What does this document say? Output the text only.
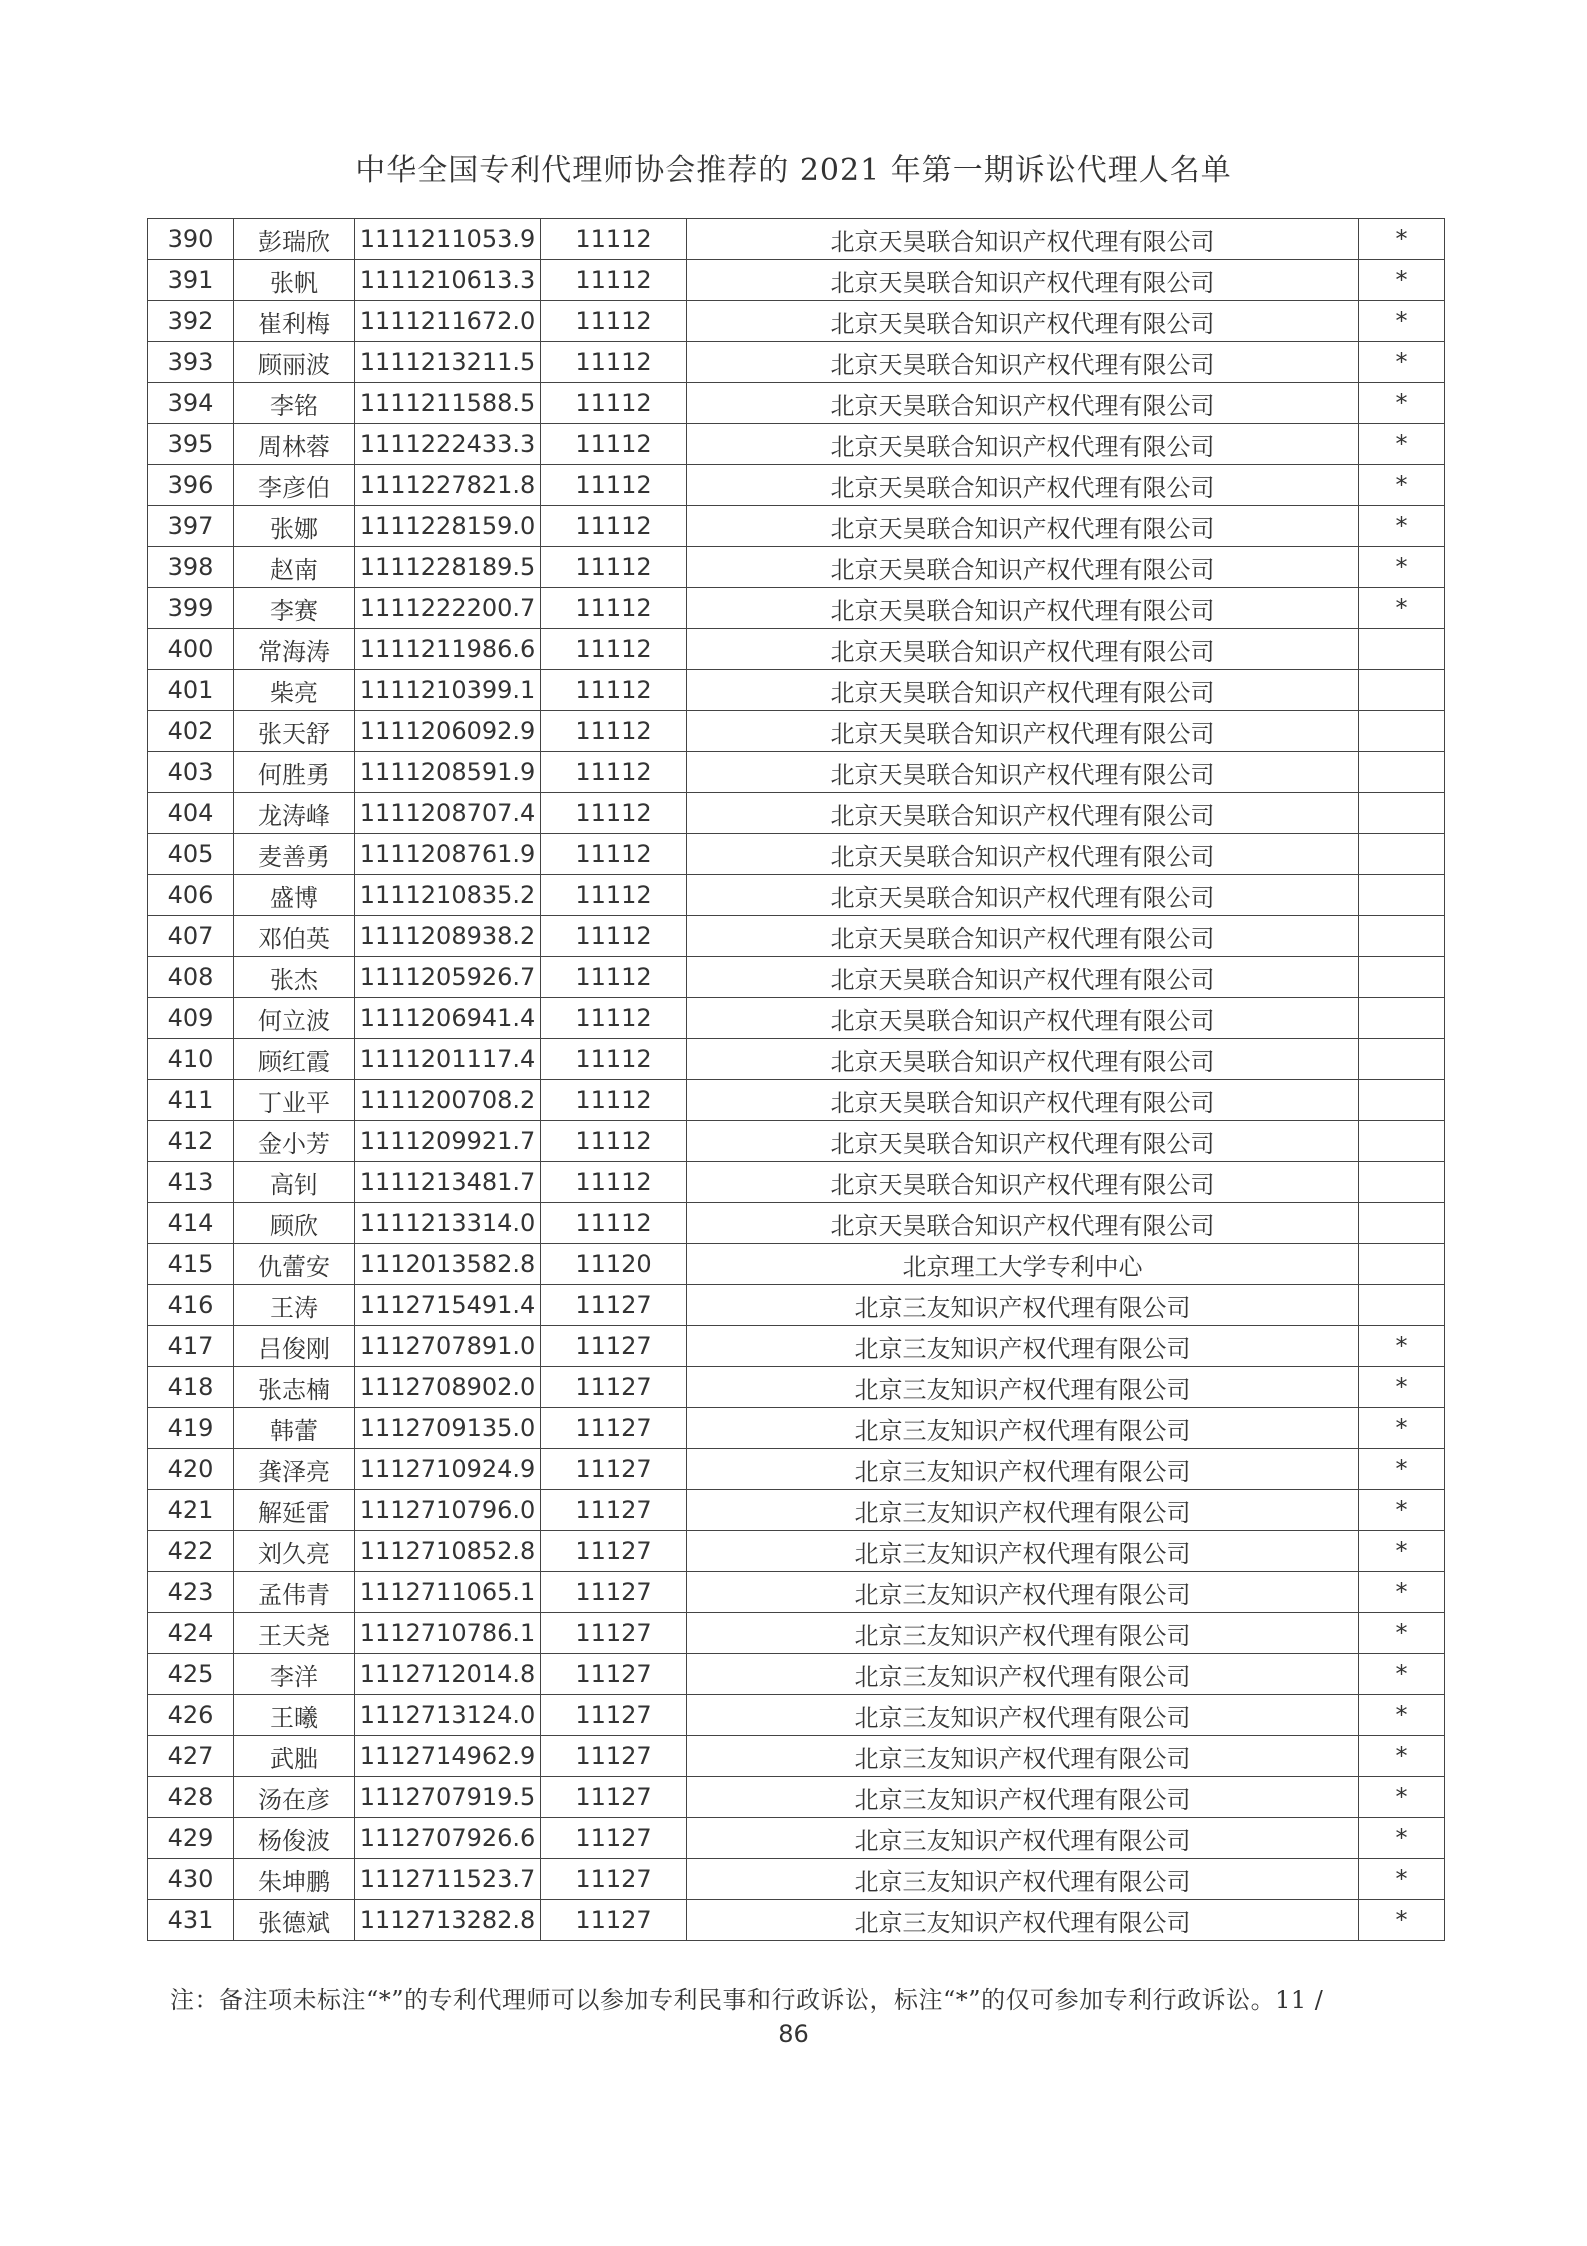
中华全国专利代理师协会推荐的 2021 年第一期诉讼代理人名单
390	彭瑞欣	1111211053.9	11112	北京天昊联合知识产权代理有限公司	*
391	张帆	1111210613.3	11112	北京天昊联合知识产权代理有限公司	*
392	崔利梅	1111211672.0	11112	北京天昊联合知识产权代理有限公司	*
393	顾丽波	1111213211.5	11112	北京天昊联合知识产权代理有限公司	*
394	李铭	1111211588.5	11112	北京天昊联合知识产权代理有限公司	*
395	周林蓉	1111222433.3	11112	北京天昊联合知识产权代理有限公司	*
396	李彦伯	1111227821.8	11112	北京天昊联合知识产权代理有限公司	*
397	张娜	1111228159.0	11112	北京天昊联合知识产权代理有限公司	*
398	赵南	1111228189.5	11112	北京天昊联合知识产权代理有限公司	*
399	李赛	1111222200.7	11112	北京天昊联合知识产权代理有限公司	*
400	常海涛	1111211986.6	11112	北京天昊联合知识产权代理有限公司	
401	柴亮	1111210399.1	11112	北京天昊联合知识产权代理有限公司	
402	张天舒	1111206092.9	11112	北京天昊联合知识产权代理有限公司	
403	何胜勇	1111208591.9	11112	北京天昊联合知识产权代理有限公司	
404	龙涛峰	1111208707.4	11112	北京天昊联合知识产权代理有限公司	
405	麦善勇	1111208761.9	11112	北京天昊联合知识产权代理有限公司	
406	盛博	1111210835.2	11112	北京天昊联合知识产权代理有限公司	
407	邓伯英	1111208938.2	11112	北京天昊联合知识产权代理有限公司	
408	张杰	1111205926.7	11112	北京天昊联合知识产权代理有限公司	
409	何立波	1111206941.4	11112	北京天昊联合知识产权代理有限公司	
410	顾红霞	1111201117.4	11112	北京天昊联合知识产权代理有限公司	
411	丁业平	1111200708.2	11112	北京天昊联合知识产权代理有限公司	
412	金小芳	1111209921.7	11112	北京天昊联合知识产权代理有限公司	
413	高钊	1111213481.7	11112	北京天昊联合知识产权代理有限公司	
414	顾欣	1111213314.0	11112	北京天昊联合知识产权代理有限公司	
415	仇蕾安	1112013582.8	11120	北京理工大学专利中心	
416	王涛	1112715491.4	11127	北京三友知识产权代理有限公司	
417	吕俊刚	1112707891.0	11127	北京三友知识产权代理有限公司	*
418	张志楠	1112708902.0	11127	北京三友知识产权代理有限公司	*
419	韩蕾	1112709135.0	11127	北京三友知识产权代理有限公司	*
420	龚泽亮	1112710924.9	11127	北京三友知识产权代理有限公司	*
421	解延雷	1112710796.0	11127	北京三友知识产权代理有限公司	*
422	刘久亮	1112710852.8	11127	北京三友知识产权代理有限公司	*
423	孟伟青	1112711065.1	11127	北京三友知识产权代理有限公司	*
424	王天尧	1112710786.1	11127	北京三友知识产权代理有限公司	*
425	李洋	1112712014.8	11127	北京三友知识产权代理有限公司	*
426	王曦	1112713124.0	11127	北京三友知识产权代理有限公司	*
427	武胐	1112714962.9	11127	北京三友知识产权代理有限公司	*
428	汤在彦	1112707919.5	11127	北京三友知识产权代理有限公司	*
429	杨俊波	1112707926.6	11127	北京三友知识产权代理有限公司	*
430	朱坤鹏	1112711523.7	11127	北京三友知识产权代理有限公司	*
431	张德斌	1112713282.8	11127	北京三友知识产权代理有限公司	*
注：备注项未标注“*”的专利代理师可以参加专利民事和行政诉讼，标注“*”的仅可参加专利行政诉讼。11 /
86
